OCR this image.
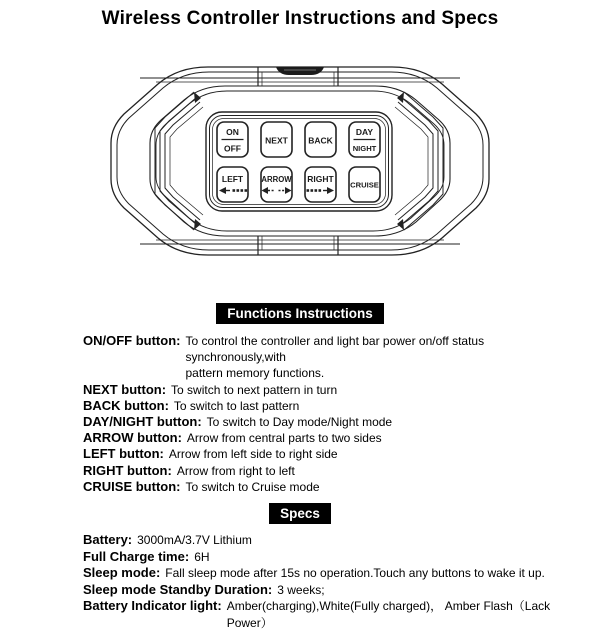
Wireless Controller Instructions and Specs
ON
OFF
NEXT BACK
DAY
NIGHT
LEFT ARROW RIGHT
CRUISE
Functions Instructions
ON/OFF button: To control the controller and light bar power on/off status synchronously,with
pattern memory functions.
NEXT button: To switch to next pattern in turn
BACK button: To switch to last pattern
DAY/NIGHT button: To switch to Day mode/Night mode
ARROW button: Arrow from central parts to two sides
LEFT button: Arrow from left side to right side
RIGHT button: Arrow from right to left
CRUISE button: To switch to Cruise mode
Specs
Battery: 3000mA/3.7V Lithium
Full Charge time: 6H
Sleep mode: Fall sleep mode after 15s no operation.Touch any buttons to wake it up.
Sleep mode Standby Duration: 3 weeks;
Battery Indicator light: Amber(charging),White(Fully charged)， Amber Flash（Lack Power）
